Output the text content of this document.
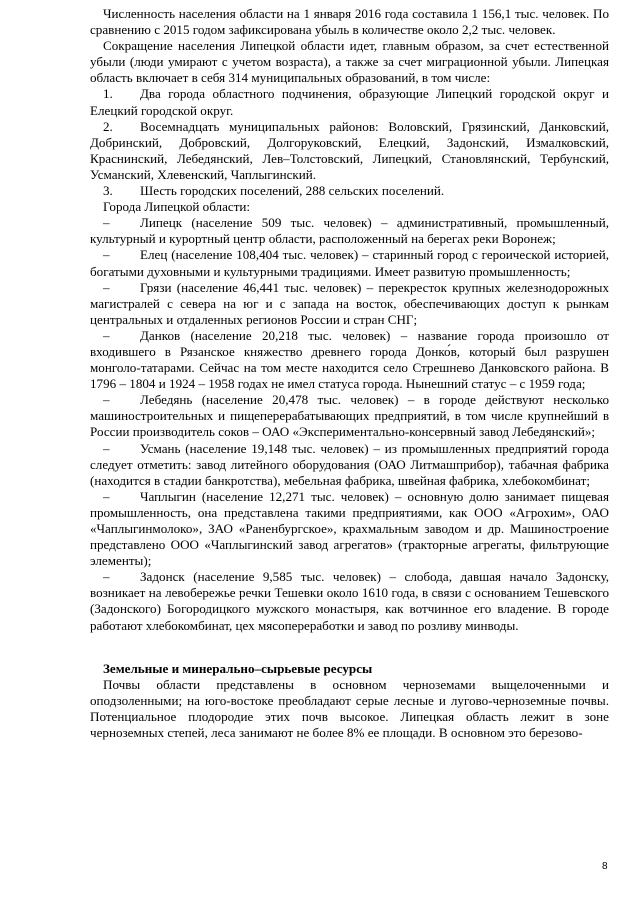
Численность населения области на 1 января 2016 года составила 1 156,1 тыс. человек. По сравнению с 2015 годом зафиксирована убыль в количестве около 2,2 тыс. человек.

Сокращение населения Липецкой области идет, главным образом, за счет естественной убыли (люди умирают с учетом возраста), а также за счет миграционной убыли. Липецкая область включает в себя 314 муниципальных образований, в том числе:

1. Два города областного подчинения, образующие Липецкий городской округ и Елецкий городской округ.

2. Восемнадцать муниципальных районов: Воловский, Грязинский, Данковский, Добринский, Добровский, Долгоруковский, Елецкий, Задонский, Измалковский, Краснинский, Лебедянский, Лев–Толстовский, Липецкий, Становлянский, Тербунский, Усманский, Хлевенский, Чаплыгинский.

3. Шесть городских поселений, 288 сельских поселений.

Города Липецкой области:

– Липецк (население 509 тыс. человек) – административный, промышленный, культурный и курортный центр области, расположенный на берегах реки Воронеж;

– Елец (население 108,404 тыс. человек) – старинный город с героической историей, богатыми духовными и культурными традициями. Имеет развитую промышленность;

– Грязи (население 46,441 тыс. человек) – перекресток крупных железнодорожных магистралей с севера на юг и с запада на восток, обеспечивающих доступ к рынкам центральных и отдаленных регионов России и стран СНГ;

– Данков (население 20,218 тыс. человек) – название города произошло от входившего в Рязанское княжество древнего города Донко́в, который был разрушен монголо-татарами. Сейчас на том месте находится село Стрешнево Данковского района. В 1796 – 1804 и 1924 – 1958 годах не имел статуса города. Нынешний статус – с 1959 года;

– Лебедянь (население 20,478 тыс. человек) – в городе действуют несколько машиностроительных и пищеперерабатывающих предприятий, в том числе крупнейший в России производитель соков – ОАО «Экспериментально-консервный завод Лебедянский»;

– Усмань (население 19,148 тыс. человек) – из промышленных предприятий города следует отметить: завод литейного оборудования (ОАО Литмашприбор), табачная фабрика (находится в стадии банкротства), мебельная фабрика, швейная фабрика, хлебокомбинат;

– Чаплыгин (население 12,271 тыс. человек) – основную долю занимает пищевая промышленность, она представлена такими предприятиями, как ООО «Агрохим», ОАО «Чаплыгинмолоко», ЗАО «Раненбургское», крахмальным заводом и др. Машиностроение представлено ООО «Чаплыгинский завод агрегатов» (тракторные агрегаты, фильтрующие элементы);

– Задонск (население 9,585 тыс. человек) – слобода, давшая начало Задонску, возникает на левобережье речки Тешевки около 1610 года, в связи с основанием Тешевского (Задонского) Богородицкого мужского монастыря, как вотчинное его владение. В городе работают хлебокомбинат, цех мясопереработки и завод по розливу минводы.

Земельные и минерально–сырьевые ресурсы

Почвы области представлены в основном черноземами выщелоченными и оподзоленными; на юго-востоке преобладают серые лесные и лугово-черноземные почвы. Потенциальное плодородие этих почв высокое. Липецкая область лежит в зоне черноземных степей, леса занимают не более 8% ее площади. В основном это березово-

8
